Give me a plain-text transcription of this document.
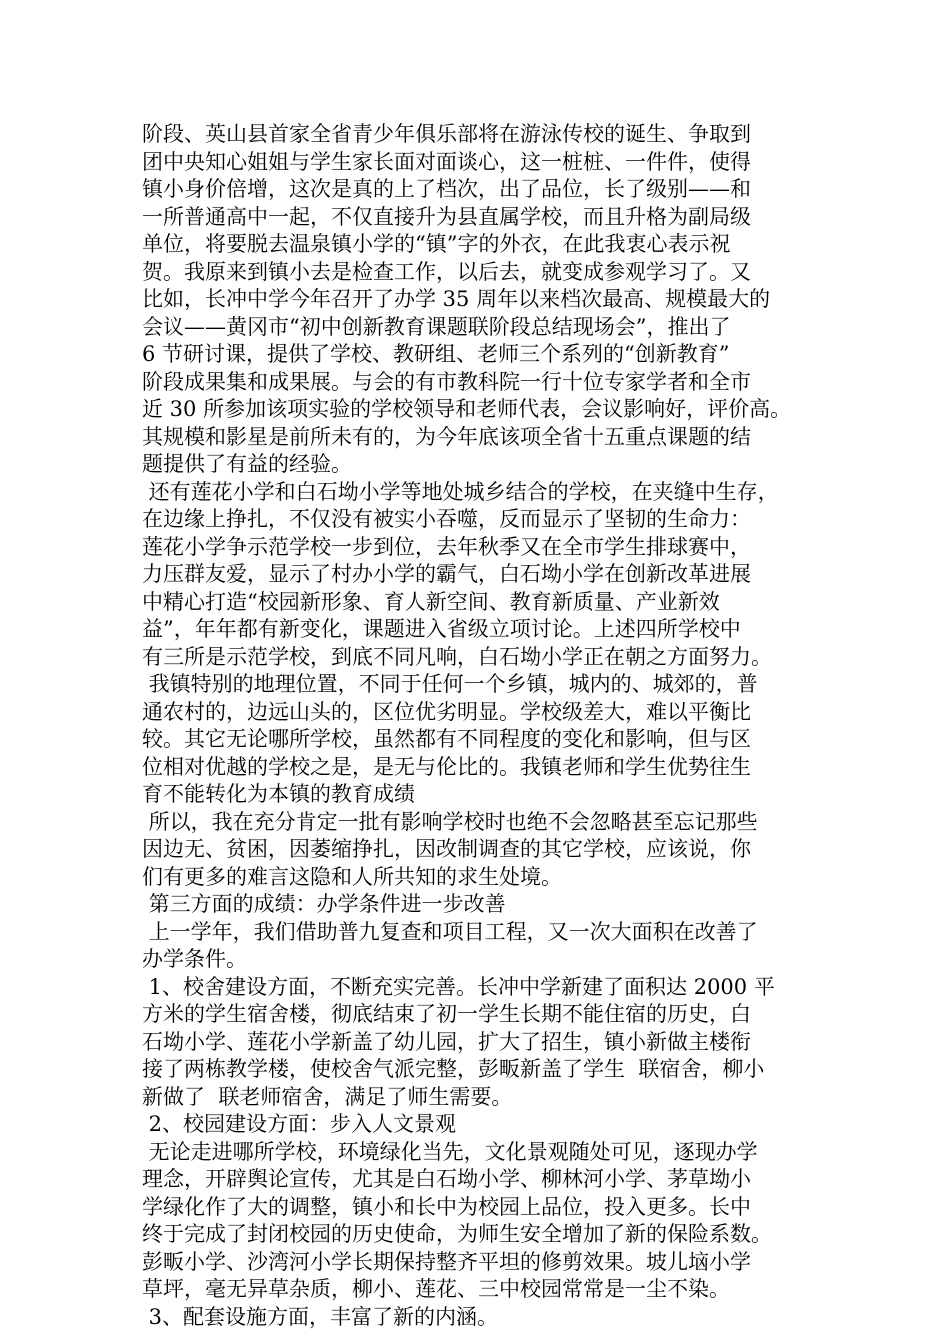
阶段、英山县首家全省青少年俱乐部将在游泳传校的诞生、争取到
团中央知心姐姐与学生家长面对面谈心，这一桩桩、一件件，使得
镇小身价倍增，这次是真的上了档次，出了品位，长了级别——和
一所普通高中一起，不仅直接升为县直属学校，而且升格为副局级
单位，将要脱去温泉镇小学的“镇”字的外衣，在此我衷心表示祝
贺。我原来到镇小去是检查工作，以后去，就变成参观学习了。又
比如，长冲中学今年召开了办学 35 周年以来档次最高、规模最大的
会议——黄冈市“初中创新教育课题联阶段总结现场会”，推出了
6 节研讨课，提供了学校、教研组、老师三个系列的“创新教育”
阶段成果集和成果展。与会的有市教科院一行十位专家学者和全市
近 30 所参加该项实验的学校领导和老师代表，会议影响好，评价高。
其规模和影星是前所未有的，为今年底该项全省十五重点课题的结
题提供了有益的经验。
还有莲花小学和白石坳小学等地处城乡结合的学校，在夹缝中生存，
在边缘上挣扎，不仅没有被实小吞噬，反而显示了坚韧的生命力：
莲花小学争示范学校一步到位，去年秋季又在全市学生排球赛中，
力压群友爱，显示了村办小学的霸气，白石坳小学在创新改革进展
中精心打造“校园新形象、育人新空间、教育新质量、产业新效
益”，年年都有新变化，课题进入省级立项讨论。上述四所学校中
有三所是示范学校，到底不同凡响，白石坳小学正在朝之方面努力。
我镇特别的地理位置，不同于任何一个乡镇，城内的、城郊的，普
通农村的，边远山头的，区位优劣明显。学校级差大，难以平衡比
较。其它无论哪所学校，虽然都有不同程度的变化和影响，但与区
位相对优越的学校之是，是无与伦比的。我镇老师和学生优势往生
育不能转化为本镇的教育成绩
所以，我在充分肯定一批有影响学校时也绝不会忽略甚至忘记那些
因边无、贫困，因萎缩挣扎，因改制调查的其它学校，应该说，你
们有更多的难言这隐和人所共知的求生处境。
第三方面的成绩：办学条件进一步改善
上一学年，我们借助普九复查和项目工程，又一次大面积在改善了
办学条件。
1、校舍建设方面，不断充实完善。长冲中学新建了面积达 2000 平
方米的学生宿舍楼，彻底结束了初一学生长期不能住宿的历史，白
石坳小学、莲花小学新盖了幼儿园，扩大了招生，镇小新做主楼衔
接了两栋教学楼，使校舍气派完整，彭畈新盖了学生  联宿舍，柳小
新做了  联老师宿舍，满足了师生需要。
2、校园建设方面：步入人文景观
无论走进哪所学校，环境绿化当先，文化景观随处可见，逐现办学
理念，开辟舆论宣传，尤其是白石坳小学、柳林河小学、茅草坳小
学绿化作了大的调整，镇小和长中为校园上品位，投入更多。长中
终于完成了封闭校园的历史使命，为师生安全增加了新的保险系数。
彭畈小学、沙湾河小学长期保持整齐平坦的修剪效果。坡儿垴小学
草坪，毫无异草杂质，柳小、莲花、三中校园常常是一尘不染。
3、配套设施方面，丰富了新的内涵。
